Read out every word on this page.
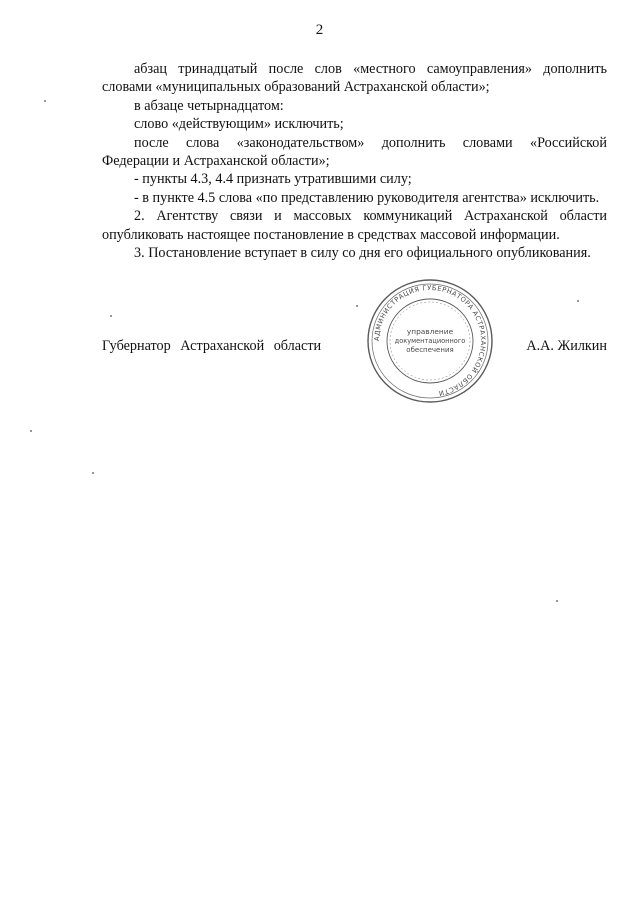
2

абзац тринадцатый после слов «местного самоуправления» дополнить словами «муниципальных образований Астраханской области»;

в абзаце четырнадцатом:

слово «действующим» исключить;

после слова «законодательством» дополнить словами «Российской Федерации и Астраханской области»;

- пункты 4.3, 4.4 признать утратившими силу;

- в пункте 4.5 слова «по представлению руководителя агентства» исключить.

2. Агентству связи и массовых коммуникаций Астраханской области опубликовать настоящее постановление в средствах массовой информации.

3. Постановление вступает в силу со дня его официального опубликования.

Губернатор Астраханской области	А.А. Жилкин
АДМИНИСТРАЦИЯ ГУБЕРНАТОРА АСТРАХАНСКОЙ ОБЛАСТИ
управление
документационного
обеспечения
